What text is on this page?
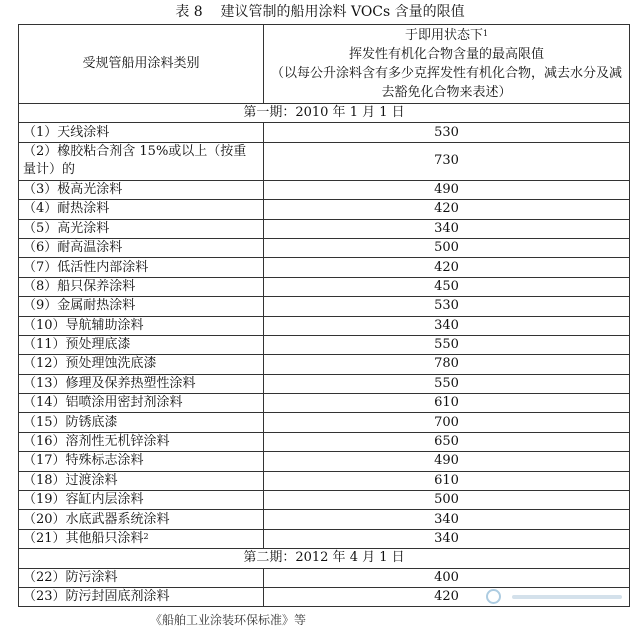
表 8    建议管制的船用涂料 VOCs 含量的限值
受规管船用涂料类别	于即用状态下$^1$
挥发性有机化合物含量的最高限值
（以每公升涂料含有多少克挥发性有机化合物，减去水分及减去豁免化合物来表述）
第一期：2010 年 1 月 1 日	
（1）天线涂料	530
（2）橡胶粘合剂含 15%或以上（按重量计）的	730
（3）极高光涂料	490
（4）耐热涂料	420
（5）高光涂料	340
（6）耐高温涂料	500
（7）低活性内部涂料	420
（8）船只保养涂料	450
（9）金属耐热涂料	530
（10）导航辅助涂料	340
（11）预处理底漆	550
（12）预处理蚀洗底漆	780
（13）修理及保养热塑性涂料	550
（14）铝喷涂用密封剂涂料	610
（15）防锈底漆	700
（16）溶剂性无机锌涂料	650
（17）特殊标志涂料	490
（18）过渡涂料	610
（19）容缸内层涂料	500
（20）水底武器系统涂料	340
（21）其他船只涂料$^2$	340
第二期：2012 年 4 月 1 日	
（22）防污涂料	400
（23）防污封固底剂涂料	420
《船舶工业涂装环保标准》等
